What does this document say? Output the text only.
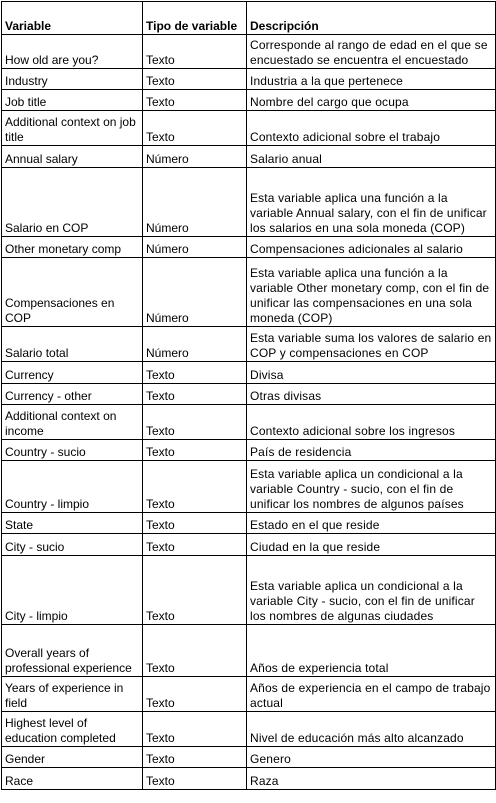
Variable	Tipo de variable	Descripción
How old are you?	Texto	Corresponde al rango de edad en el que se encuestado se encuentra el encuestado
Industry	Texto	Industria a la que pertenece
Job title	Texto	Nombre del cargo que ocupa
Additional context on job title	Texto	Contexto adicional sobre el trabajo
Annual salary	Número	Salario anual
Salario en COP	Número	Esta variable aplica una función a la variable Annual salary, con el fin de unificar los salarios en una sola moneda (COP)
Other monetary comp	Número	Compensaciones adicionales al salario
Compensaciones en COP	Número	Esta variable aplica una función a la variable Other monetary comp, con el fin de unificar las compensaciones en una sola moneda (COP)
Salario total	Número	Esta variable suma los valores de salario en COP y compensaciones en COP
Currency	Texto	Divisa
Currency - other	Texto	Otras divisas
Additional context on income	Texto	Contexto adicional sobre los ingresos
Country - sucio	Texto	País de residencia
Country - limpio	Texto	Esta variable aplica un condicional a la variable Country - sucio, con el fin de unificar los nombres de algunos países
State	Texto	Estado en el que reside
City - sucio	Texto	Ciudad en la que reside
City - limpio	Texto	Esta variable aplica un condicional a la variable City - sucio, con el fin de unificar los nombres de algunas ciudades
Overall years of professional experience	Texto	Años de experiencia total
Years of experience in field	Texto	Años de experiencia en el campo de trabajo actual
Highest level of education completed	Texto	Nivel de educación más alto alcanzado
Gender	Texto	Genero
Race	Texto	Raza
